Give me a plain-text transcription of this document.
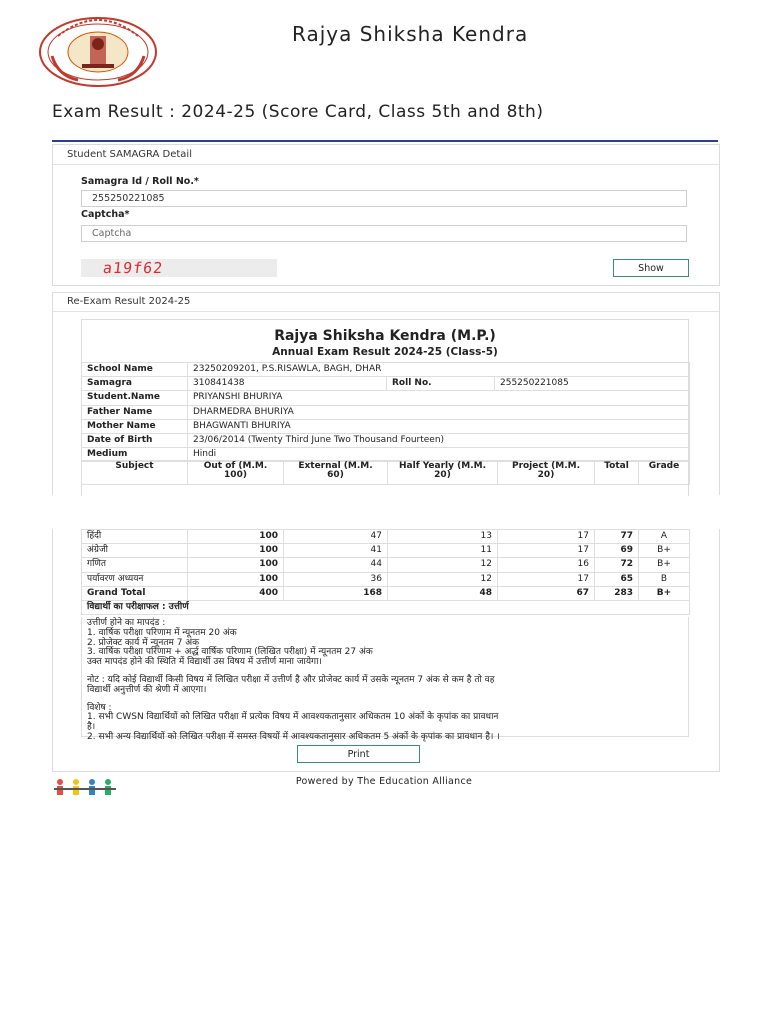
Rajya Shiksha Kendra
Exam Result : 2024-25 (Score Card, Class 5th and 8th)
Student SAMAGRA Detail
Samagra Id / Roll No.*
255250221085
Captcha*
Captcha
a19f62	Show
Re-Exam Result 2024-25
Rajya Shiksha Kendra (M.P.)
Annual Exam Result 2024-25 (Class-5)
School Name	23250209201, P.S.RISAWLA, BAGH, DHAR		
Samagra	310841438	Roll No.	255250221085
Student.Name	PRIYANSHI BHURIYA		
Father Name	DHARMEDRA BHURIYA		
Mother Name	BHAGWANTI BHURIYA		
Date of Birth	23/06/2014 (Twenty Third June Two Thousand Fourteen)		
Medium	Hindi		
Subject	Out of (M.M. 100)	External (M.M. 60)	Half Yearly (M.M. 20)	Project (M.M. 20)	Total	Grade
हिंदी	100	47	13	17	77	A
अंग्रेजी	100	41	11	17	69	B+
गणित	100	44	12	16	72	B+
पर्यावरण अध्ययन	100	36	12	17	65	B
Grand Total	400	168	48	67	283	B+
विद्यार्थी का परीक्षाफल : उत्तीर्ण						
उत्तीर्ण होने का मापदंड :
1. वार्षिक परीक्षा परिणाम में न्यूनतम 20 अंक
2. प्रोजेक्ट कार्य में न्यूनतम 7 अंक
3. वार्षिक परीक्षा परिणाम + अर्द्ध वार्षिक परिणाम (लिखित परीक्षा) में न्यूनतम 27 अंक
उक्त मापदंड होने की स्थिति में विद्यार्थी उस विषय में उत्तीर्ण माना जायेगा।
नोट : यदि कोई विद्यार्थी किसी विषय में लिखित परीक्षा में उत्तीर्ण है और प्रोजेक्ट कार्य में उसके न्यूनतम 7 अंक से कम है तो वह
विद्यार्थी अनुत्तीर्ण की श्रेणी में आएगा।
विशेष :
1. सभी CWSN विद्यार्थियों को लिखित परीक्षा में प्रत्येक विषय में आवश्यकतानुसार अधिकतम 10 अंकों के कृपांक का प्रावधान
है।
2. सभी अन्य विद्यार्थियों को लिखित परीक्षा में समस्त विषयों में आवश्यकतानुसार अधिकतम 5 अंकों के कृपांक का प्रावधान है। ।
Print
Powered by The Education Alliance
